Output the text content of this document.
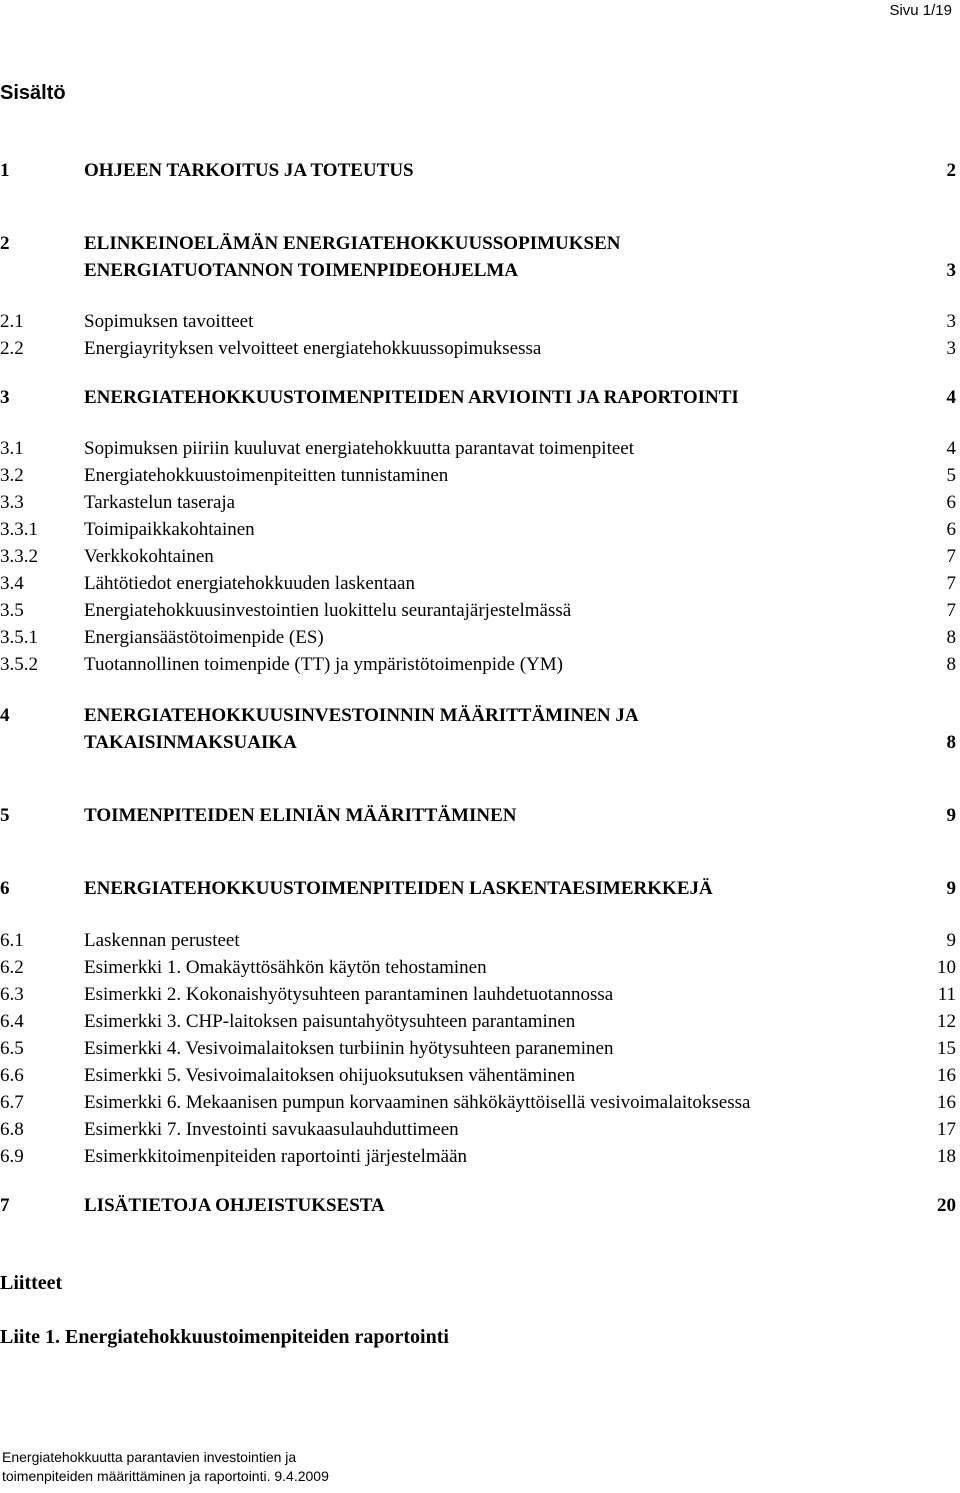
Sivu 1/19
Sisältö
1	OHJEEN TARKOITUS JA TOTEUTUS	2
2	ELINKEINOELÄMÄN ENERGIATEHOKKUUSSOPIMUKSEN
ENERGIATUOTANNON TOIMENPIDEOHJELMA	3
2.1	Sopimuksen tavoitteet	3
2.2	Energiayrityksen velvoitteet energiatehokkuussopimuksessa	3
3	ENERGIATEHOKKUUSTOIMENPITEIDEN ARVIOINTI JA RAPORTOINTI	4
3.1	Sopimuksen piiriin kuuluvat energiatehokkuutta parantavat toimenpiteet	4
3.2	Energiatehokkuustoimenpiteitten tunnistaminen	5
3.3	Tarkastelun taseraja	6
3.3.1 Toimipaikkakohtainen	6
3.3.2 Verkkokohtainen	7
3.4	Lähtötiedot energiatehokkuuden laskentaan	7
3.5	Energiatehokkuusinvestointien luokittelu seurantajärjestelmässä	7
3.5.1 Energiansäästötoimenpide (ES)	8
3.5.2 Tuotannollinen toimenpide (TT) ja ympäristötoimenpide (YM)	8
4	ENERGIATEHOKKUUSINVESTOINNIN MÄÄRITTÄMINEN JA
TAKAISINMAKSUAIKA	8
5	TOIMENPITEIDEN ELINIÄN MÄÄRITTÄMINEN	9
6	ENERGIATEHOKKUUSTOIMENPITEIDEN LASKENTAESIMERKKEJÄ	9
6.1	Laskennan perusteet	9
6.2	Esimerkki 1. Omakäyttösähkön käytön tehostaminen	10
6.3	Esimerkki 2. Kokonaishyötysuhteen parantaminen lauhdetuotannossa	11
6.4	Esimerkki 3. CHP-laitoksen paisuntahyötysuhteen parantaminen	12
6.5	Esimerkki 4. Vesivoimalaitoksen turbiinin hyötysuhteen paraneminen	15
6.6	Esimerkki 5. Vesivoimalaitoksen ohijuoksutuksen vähentäminen	16
6.7	Esimerkki 6. Mekaanisen pumpun korvaaminen sähkökäyttöisellä vesivoimalaitoksessa	16
6.8	Esimerkki 7. Investointi savukaasulauhduttimeen	17
6.9	Esimerkkitoimenpiteiden raportointi järjestelmään	18
7	LISÄTIETOJA OHJEISTUKSESTA	20
Liitteet
Liite 1. Energiatehokkuustoimenpiteiden raportointi
Energiatehokkuutta parantavien investointien ja
toimenpiteiden määrittäminen ja raportointi. 9.4.2009
